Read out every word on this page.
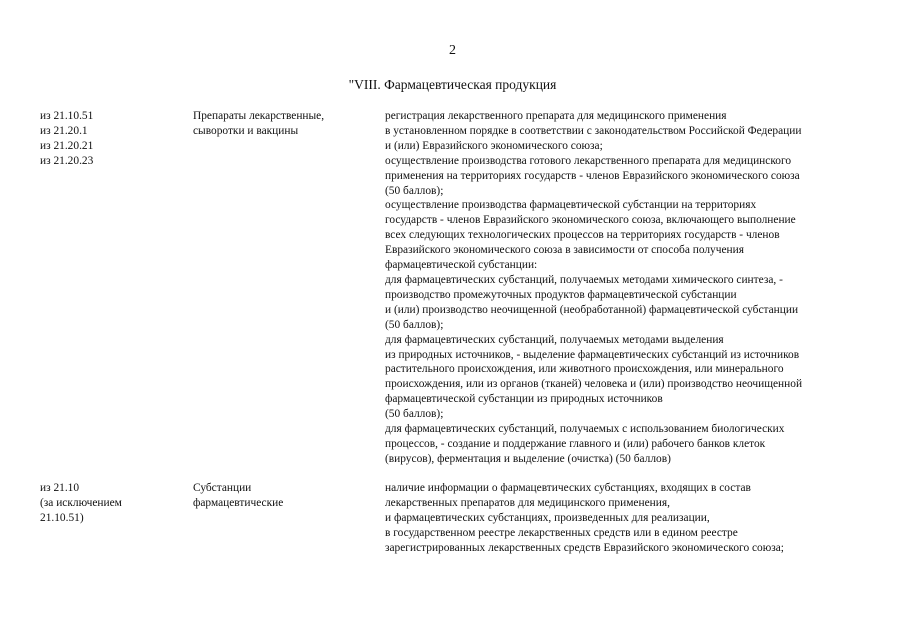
2
"VIII. Фармацевтическая продукция
из 21.10.51
из 21.20.1
из 21.20.21
из 21.20.23
Препараты лекарственные,
сыворотки и вакцины
регистрация лекарственного препарата для медицинского применения
в установленном порядке в соответствии с законодательством Российской Федерации
и (или) Евразийского экономического союза;
осуществление производства готового лекарственного препарата для медицинского
применения на территориях государств - членов Евразийского экономического союза
(50 баллов);
осуществление производства фармацевтической субстанции на территориях
государств - членов Евразийского экономического союза, включающего выполнение
всех следующих технологических процессов на территориях государств - членов
Евразийского экономического союза в зависимости от способа получения
фармацевтической субстанции:
для фармацевтических субстанций, получаемых методами химического синтеза, -
производство промежуточных продуктов фармацевтической субстанции
и (или) производство неочищенной (необработанной) фармацевтической субстанции
(50 баллов);
для фармацевтических субстанций, получаемых методами выделения
из природных источников, - выделение фармацевтических субстанций из источников
растительного происхождения, или животного происхождения, или минерального
происхождения, или из органов (тканей) человека и (или) производство неочищенной
фармацевтической субстанции из природных источников
(50 баллов);
для фармацевтических субстанций, получаемых с использованием биологических
процессов, - создание и поддержание главного и (или) рабочего банков клеток
(вирусов), ферментация и выделение (очистка) (50 баллов)
из 21.10
(за исключением
21.10.51)
Субстанции
фармацевтические
наличие информации о фармацевтических субстанциях, входящих в состав
лекарственных препаратов для медицинского применения,
и фармацевтических субстанциях, произведенных для реализации,
в государственном реестре лекарственных средств или в едином реестре
зарегистрированных лекарственных средств Евразийского экономического союза;
